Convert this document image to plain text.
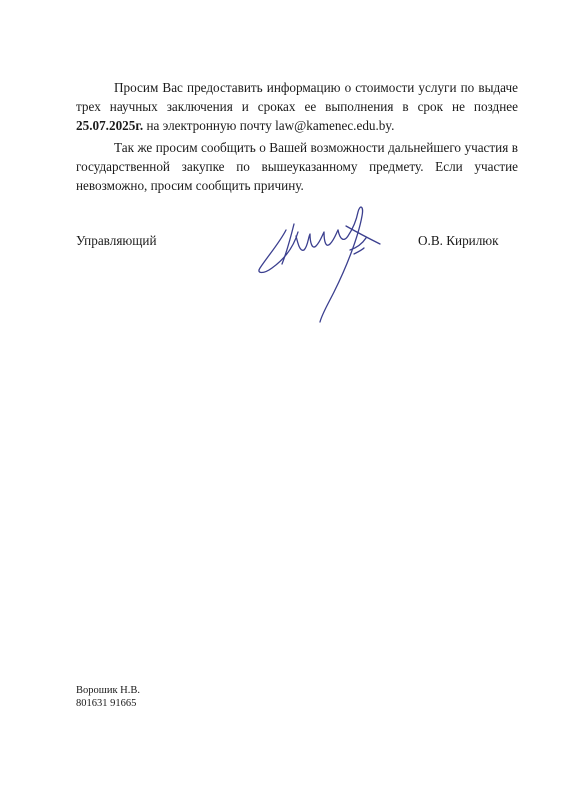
Просим Вас предоставить информацию о стоимости услуги по выдаче
трех научных заключения и сроках ее выполнения в срок не позднее
25.07.2025г. на электронную почту law@kamenec.edu.by.
Так же просим сообщить о Вашей возможности дальнейшего участия в
государственной закупке по вышеуказанному предмету. Если участие
невозможно, просим сообщить причину.
Управляющий	О.В. Кирилюк
Ворошик Н.В.
801631 91665
